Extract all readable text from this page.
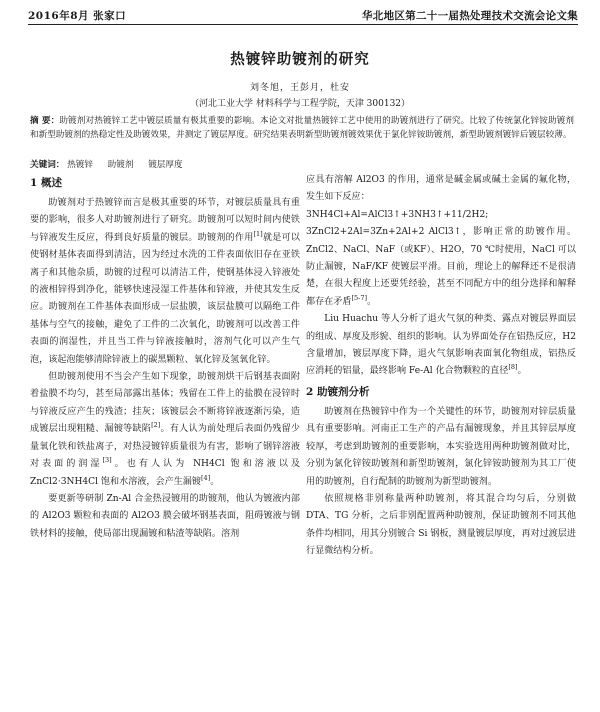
2016年8月 张家口	华北地区第二十一届热处理技术交流会论文集
热镀锌助镀剂的研究
刘冬旭，王彭月，杜安
（河北工业大学 材料科学与工程学院，天津 300132）
摘 要：助镀剂对热镀锌工艺中镀层质量有极其重要的影响。本论文对批量热镀锌工艺中使用的助镀剂进行了研究。比较了传统氯化锌铵助镀剂和新型助镀剂的热稳定性及助镀效果，并测定了镀层厚度。研究结果表明新型助镀剂镀效果优于氯化锌铵助镀剂，新型助镀剂镀锌后镀层较薄。
关键词： 热镀锌 助镀剂 镀层厚度
1 概述

助镀剂对于热镀锌而言是极其重要的环节，对镀层质量具有重要的影响，很多人对助镀剂进行了研究。助镀剂可以短时间内使铁与锌液发生反应，得到良好质量的镀层。助镀剂的作用[1]就是可以使钢材基体表面得到清洁，因为经过水洗的工件表面依旧存在亚铁离子和其他杂质，助镀的过程可以清洁工件，使钢基体浸入锌液处的液相锌得到净化，能够快速浸湿工件基体和锌液，并使其发生反应。助镀剂在工件基体表面形成一层盐膜，该层盐膜可以隔绝工件基体与空气的接触，避免了工件的二次氧化，助镀剂可以改善工件表面的润湿性，并且当工件与锌液接触时，溶剂气化可以产生气泡，该起泡能够清除锌液上的碳黑颗粒、氧化锌及氢氧化锌。

但助镀剂使用不当会产生如下现象，助镀剂烘干后钢基表面附着盐膜不均匀，甚至局部露出基体；残留在工件上的盐膜在浸锌时与锌液反应产生的残渣；挂灰；该镀层会不断将锌液逐渐污染，造成镀层出现粗糙、漏镀等缺陷[2]。有人认为前处理后表面仍残留少量氧化铁和铁盐离子，对热浸镀锌质量很为有害，影响了钢锌溶液对表面的润湿[3]。也有人认为 NH4Cl 饱和溶液以及 ZnCl2·3NH4Cl 饱和水溶液，会产生漏镀[4]。

要更新等研制 Zn-Al 合金热浸镀用的助镀剂，他认为镀液内部的 Al2O3 颗粒和表面的 Al2O3 膜会破坏钢基表面，阻碍镀液与钢铁材料的接触，使局部出现漏镀和粘渣等缺陷。溶剂

应具有溶解 Al2O3 的作用，通常是碱金属或碱土金属的氟化物，发生如下反应：

3NH4Cl+Al=AlCl3↑+3NH3↑+11/2H2;

3ZnCl2+2Al=3Zn+2Al+2 AlCl3↑，影响正常的助镀作用。ZnCl2、NaCl、NaF（或KF）、H2O，70 ℃时使用，NaCl 可以防止漏镀，NaF/KF 使镀层平滑。目前，理论上的解释还不是很清楚，在很大程度上还要凭经验，甚至不同配方中的组分选择和解释都存在矛盾[5-7]。

Liu Huachu 等人分析了退火气氛的种类、露点对镀层界面层的组成、厚度及形貌、组织的影响。认为界面处存在铝热反应，H2 含量增加，镀层厚度下降，退火气氛影响表面氧化物组成，铝热反应消耗的铝量，最终影响 Fe-Al 化合物颗粒的直径[8]。

2 助镀剂分析

助镀剂在热镀锌中作为一个关键性的环节，助镀剂对锌层质量具有重要影响。河南正工生产的产品有漏镀现象，并且其锌层厚度较厚，考虑到助镀剂的重要影响，本实验选用两种助镀剂做对比，分别为氯化锌铵助镀剂和新型助镀剂，氯化锌铵助镀剂为其工厂使用的助镀剂，自行配制的助镀剂为新型助镀剂。

依照规格非别称量两种助镀剂，将其混合均匀后，分别做 DTA、TG 分析，之后非别配置两种助镀剂，保证助镀剂不同其他条件均相同，用其分别镀合 Si 钢板，测量镀层厚度，再对过渡层进行显微结构分析。
